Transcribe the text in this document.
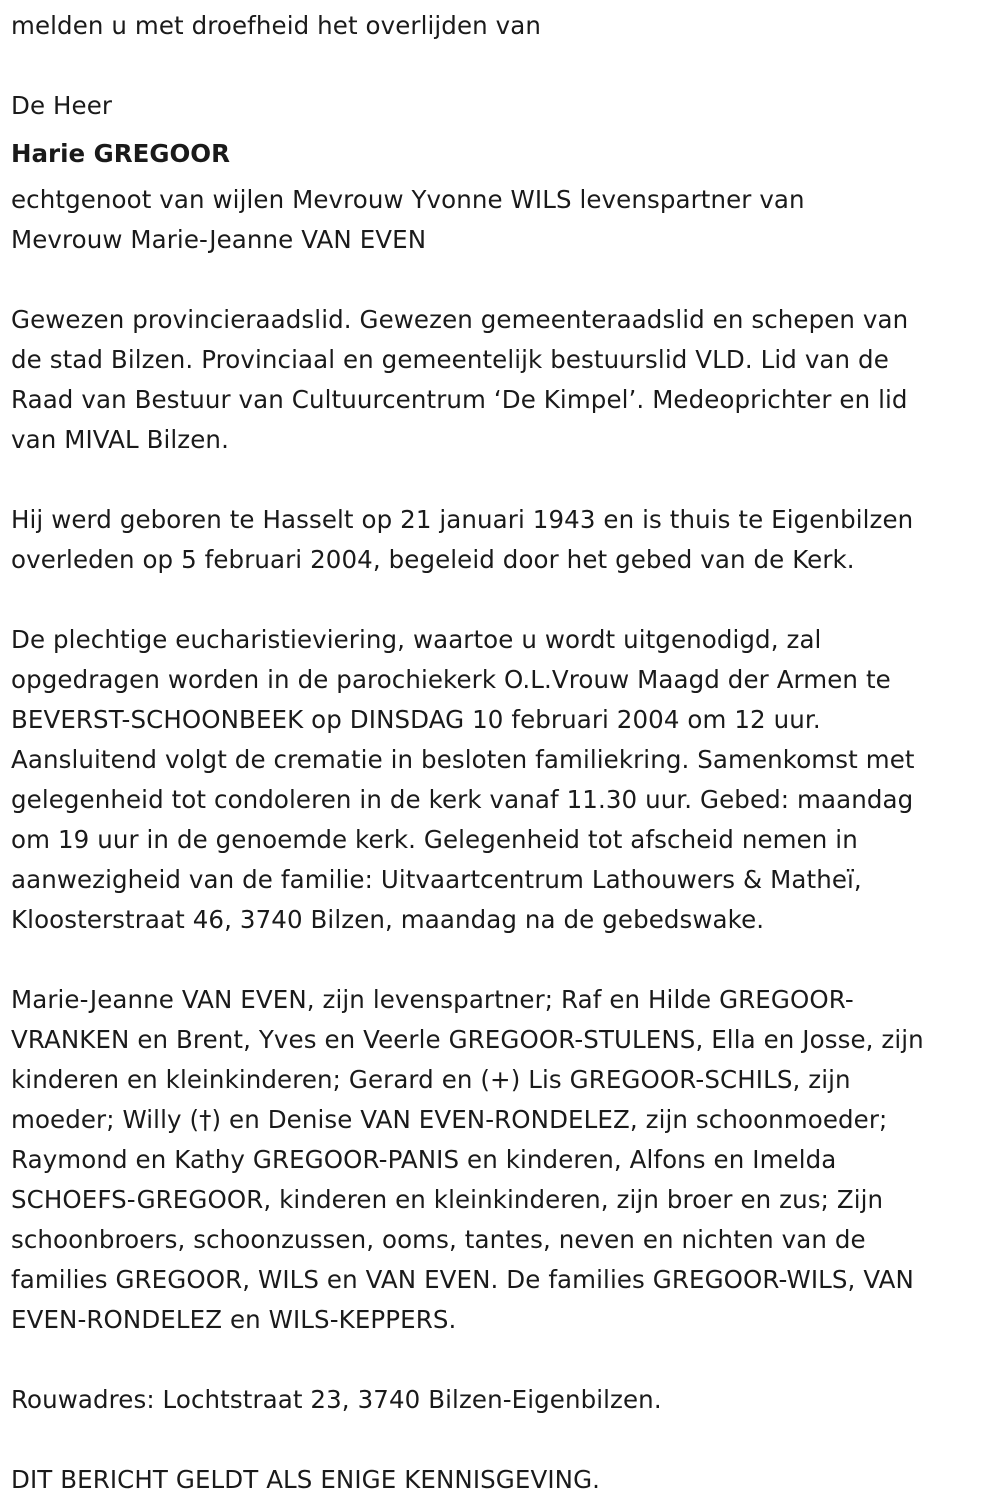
melden u met droefheid het overlijden van

De Heer

Harie GREGOOR

echtgenoot van wijlen Mevrouw Yvonne WILS levenspartner van

Mevrouw Marie-Jeanne VAN EVEN

Gewezen provincieraadslid. Gewezen gemeenteraadslid en schepen van

de stad Bilzen. Provinciaal en gemeentelijk bestuurslid VLD. Lid van de

Raad van Bestuur van Cultuurcentrum ‘De Kimpel’. Medeoprichter en lid

van MIVAL Bilzen.

Hij werd geboren te Hasselt op 21 januari 1943 en is thuis te Eigenbilzen

overleden op 5 februari 2004, begeleid door het gebed van de Kerk.

De plechtige eucharistieviering, waartoe u wordt uitgenodigd, zal

opgedragen worden in de parochiekerk O.L.Vrouw Maagd der Armen te

BEVERST-SCHOONBEEK op DINSDAG 10 februari 2004 om 12 uur.

Aansluitend volgt de crematie in besloten familiekring. Samenkomst met

gelegenheid tot condoleren in de kerk vanaf 11.30 uur. Gebed: maandag

om 19 uur in de genoemde kerk. Gelegenheid tot afscheid nemen in

aanwezigheid van de familie: Uitvaartcentrum Lathouwers & Matheï,

Kloosterstraat 46, 3740 Bilzen, maandag na de gebedswake.

Marie-Jeanne VAN EVEN, zijn levenspartner; Raf en Hilde GREGOOR-

VRANKEN en Brent, Yves en Veerle GREGOOR-STULENS, Ella en Josse, zijn

kinderen en kleinkinderen; Gerard en (+) Lis GREGOOR-SCHILS, zijn

moeder; Willy (†) en Denise VAN EVEN-RONDELEZ, zijn schoonmoeder;

Raymond en Kathy GREGOOR-PANIS en kinderen, Alfons en Imelda

SCHOEFS-GREGOOR, kinderen en kleinkinderen, zijn broer en zus; Zijn

schoonbroers, schoonzussen, ooms, tantes, neven en nichten van de

families GREGOOR, WILS en VAN EVEN. De families GREGOOR-WILS, VAN

EVEN-RONDELEZ en WILS-KEPPERS.

Rouwadres: Lochtstraat 23, 3740 Bilzen-Eigenbilzen.

DIT BERICHT GELDT ALS ENIGE KENNISGEVING.
